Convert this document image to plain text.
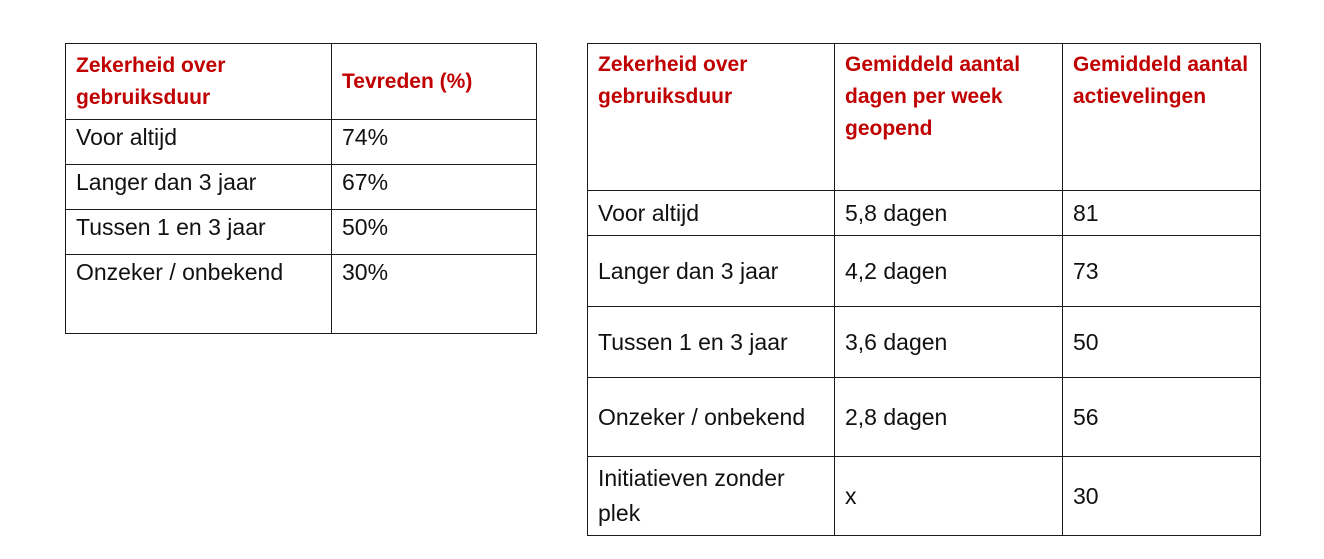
Zekerheid over gebruiksduur	Tevreden (%)
Voor altijd	74%
Langer dan 3 jaar	67%
Tussen 1 en 3 jaar	50%
Onzeker / onbekend	30%
Zekerheid over gebruiksduur	Gemiddeld aantal dagen per week geopend	Gemiddeld aantal actievelingen
Voor altijd	5,8 dagen	81
Langer dan 3 jaar	4,2 dagen	73
Tussen 1 en 3 jaar	3,6 dagen	50
Onzeker / onbekend	2,8 dagen	56
Initiatieven zonder plek	x	30
